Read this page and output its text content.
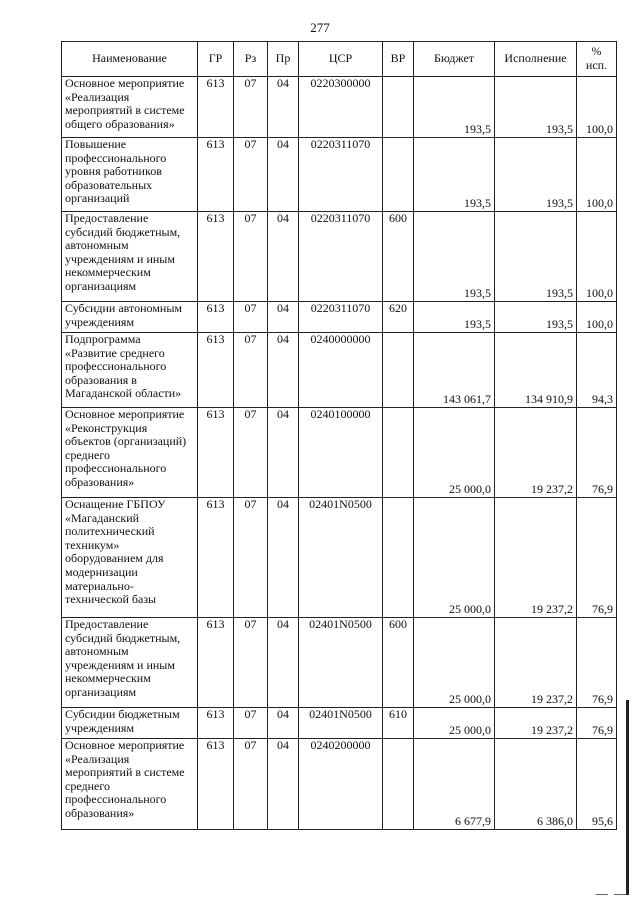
277
Наименование	ГР	Рз	Пр	ЦСР	ВР	Бюджет	Исполнение	% исп.
Основное мероприятие «Реализация мероприятий в системе общего образования»	613	07	04	0220300000		193,5	193,5	100,0
Повышение профессионального уровня работников образовательных организаций	613	07	04	0220311070		193,5	193,5	100,0
Предоставление субсидий бюджетным, автономным учреждениям и иным некоммерческим организациям	613	07	04	0220311070	600	193,5	193,5	100,0
Субсидии автономным учреждениям	613	07	04	0220311070	620	193,5	193,5	100,0
Подпрограмма «Развитие среднего профессионального образования в Магаданской области»	613	07	04	0240000000		143 061,7	134 910,9	94,3
Основное мероприятие «Реконструкция объектов (организаций) среднего профессионального образования»	613	07	04	0240100000		25 000,0	19 237,2	76,9
Оснащение ГБПОУ «Магаданский политехнический техникум» оборудованием для модернизации материально-технической базы	613	07	04	02401N0500		25 000,0	19 237,2	76,9
Предоставление субсидий бюджетным, автономным учреждениям и иным некоммерческим организациям	613	07	04	02401N0500	600	25 000,0	19 237,2	76,9
Субсидии бюджетным учреждениям	613	07	04	02401N0500	610	25 000,0	19 237,2	76,9
Основное мероприятие «Реализация мероприятий в системе среднего профессионального образования»	613	07	04	0240200000		6 677,9	6 386,0	95,6
